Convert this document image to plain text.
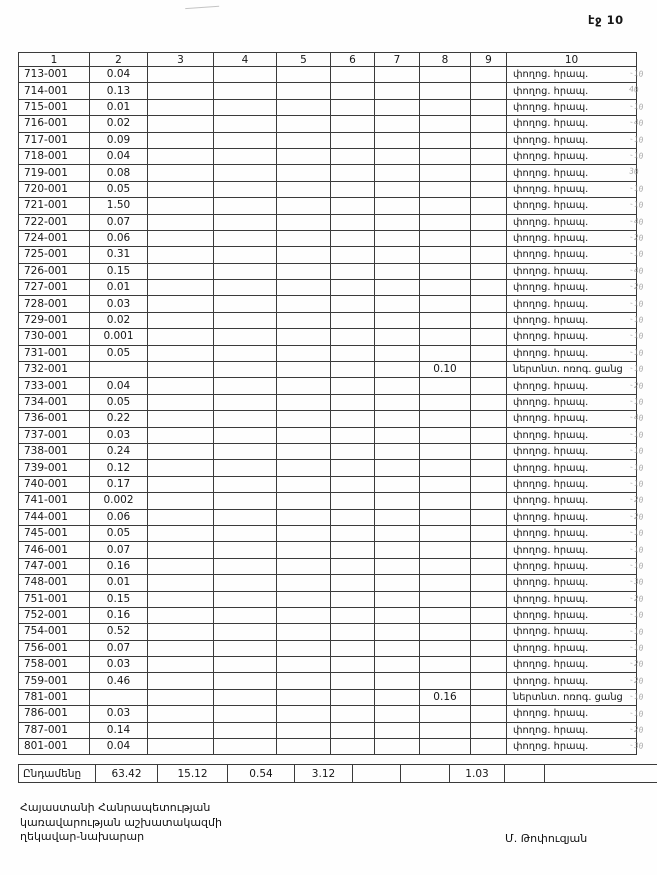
էջ 10
1	2	3	4	5	6	7	8	9	10
713-001	0.04								փողոց. հրապ.
714-001	0.13								փողոց. հրապ.
715-001	0.01								փողոց. հրապ.
716-001	0.02								փողոց. հրապ.
717-001	0.09								փողոց. հրապ.
718-001	0.04								փողոց. հրապ.
719-001	0.08								փողոց. հրապ.
720-001	0.05								փողոց. հրապ.
721-001	1.50								փողոց. հրապ.
722-001	0.07								փողոց. հրապ.
724-001	0.06								փողոց. հրապ.
725-001	0.31								փողոց. հրապ.
726-001	0.15								փողոց. հրապ.
727-001	0.01								փողոց. հրապ.
728-001	0.03								փողոց. հրապ.
729-001	0.02								փողոց. հրապ.
730-001	0.001								փողոց. հրապ.
731-001	0.05								փողոց. հրապ.
732-001							0.10		ներտնտ. ոռոգ. ցանց
733-001	0.04								փողոց. հրապ.
734-001	0.05								փողոց. հրապ.
736-001	0.22								փողոց. հրապ.
737-001	0.03								փողոց. հրապ.
738-001	0.24								փողոց. հրապ.
739-001	0.12								փողոց. հրապ.
740-001	0.17								փողոց. հրապ.
741-001	0.002								փողոց. հրապ.
744-001	0.06								փողոց. հրապ.
745-001	0.05								փողոց. հրապ.
746-001	0.07								փողոց. հրապ.
747-001	0.16								փողոց. հրապ.
748-001	0.01								փողոց. հրապ.
751-001	0.15								փողոց. հրապ.
752-001	0.16								փողոց. հրապ.
754-001	0.52								փողոց. հրապ.
756-001	0.07								փողոց. հրապ.
758-001	0.03								փողոց. հրապ.
759-001	0.46								փողոց. հրապ.
781-001							0.16		ներտնտ. ոռոգ. ցանց
786-001	0.03								փողոց. հրապ.
787-001	0.14								փողոց. հրապ.
801-001	0.04								փողոց. հրապ.
Ընդամենը	63.42	15.12	0.54	3.12			1.03		
-10
40
-10
-40
-10
-10
30
-10
-10
-40
-20
-10
-40
-20
-10
-10
-10
-10
-10
-20
-10
-40
-10
-10
-10
-10
-20
-20
-10
-10
-10
-30
-20
-10
-10
-10
-20
-20
-10
-10
-20
-30
Հայաստանի Հանրապետության
կառավարության աշխատակազմի
ղեկավար-նախարար	Մ. Թոփուզյան
